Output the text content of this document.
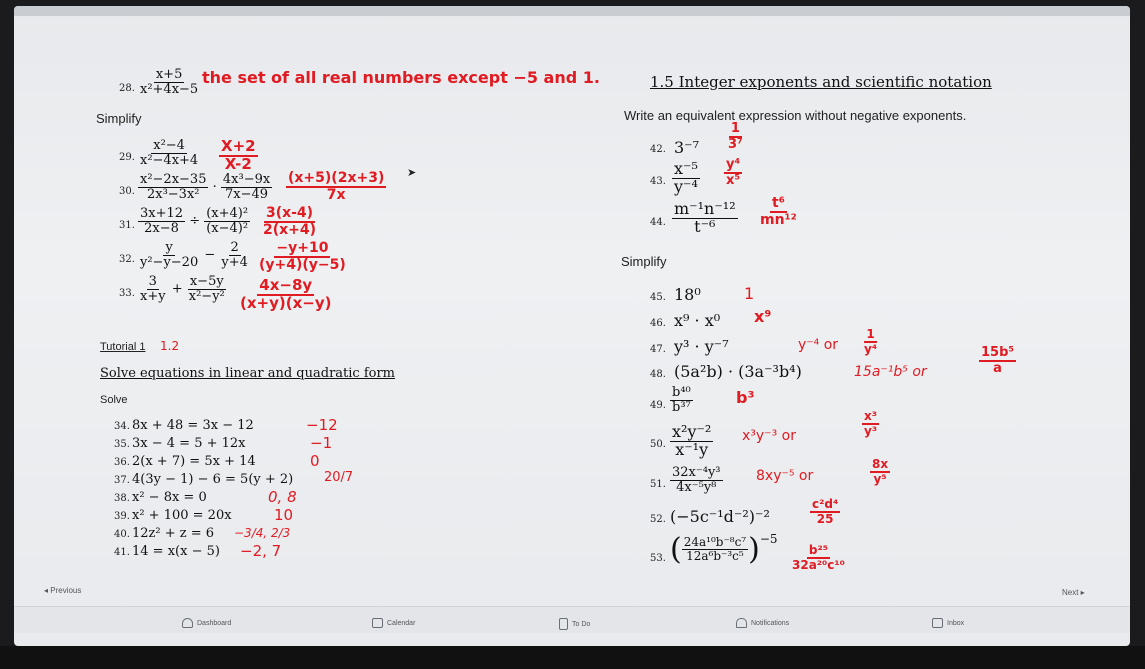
28. $\frac{x+5}{\text{x²+4x−5}}$ the set of all real numbers except −5 and 1.
Simplify
29. $\frac{\text{x²−4}}{\text{x²−4x+4}} \frac{X+2}{X-2}$
30. $\frac{\text{x²−2x−35}}{\text{2x³−3x²}} \cdot \frac{\text{4x³−9x}}{7x-49} \frac{(x+5)(2x+3)}{7x}$ ➤
31. $\frac{3x+12}{2x-8} \div \frac{\text{(x+4)²}}{\text{(x−4)²}} \frac{3(x-4)}{2(x+4)}$
32. $\frac{y}{\text{y²−y−20}} - \frac{2}{y+4} \frac{-y+10}{(y+4)(y-5)}$
33. $\frac{3}{x+y} + \frac{x-5y}{\text{x²−y²}} \frac{4x-8y}{(x+y)(x-y)}$
Tutorial 1 1.2
Solve equations in linear and quadratic form
Solve
34. 8x + 48 = 3x − 12	−12
35. 3x − 4 = 5 + 12x	−1
36. 2(x + 7) = 5x + 14	0
37. 4(3y − 1) − 6 = 5(y + 2) 20/7
38. x² − 8x = 0	0, 8
39. x² + 100 = 20x	10
40. 12z² + z = 6 −3/4, 2/3
41. 14 = x(x − 5) −2, 7
1.5 Integer exponents and scientific notation
Write an equivalent expression without negative exponents.
42. $3^{-7} \frac{1}{\text{3⁷}}$
43. $\frac{\text{x⁻⁵}}{\text{y⁻⁴}} \frac{\text{y⁴}}{\text{x⁵}}$
44. $\frac{\text{m⁻¹n⁻¹²}}{\text{t⁻⁶}} \frac{\text{t⁶}}{\text{mn¹²}}$
Simplify
45. 18⁰	1
46. x⁹ · x⁰ x⁹
47. y³ · y⁻⁷	y⁻⁴ or $\frac{1}{\text{y⁴}}$
48. (5a²b) · (3a⁻³b⁴)	15a⁻¹b⁵ or	$\frac{\text{15b⁵}}{a}$
49. $\frac{\text{b⁴⁰}}{\text{b³⁷}}$	b³
50. $\frac{\text{x²y⁻²}}{\text{x⁻¹y}} x^3y^{-3}$ or	$\frac{\text{x³}}{\text{y³}}$
51. $\frac{\text{32x⁻⁴y³}}{\text{4x⁻⁵y⁸}} 8xy^{-5}$ or	$\frac{8x}{\text{y⁵}}$
52. (−5c⁻¹d⁻²)⁻²	$\frac{\text{c²d⁴}}{25}$
53. ( $\frac{\text{24a¹⁰b⁻⁸c⁷}}{\text{12a⁶b⁻³c⁵}} )^{-5}$
$\frac{\text{b²⁵}}{\text{32a²⁰c¹⁰}}$
◂ Previous	Next ▸
Dashboard	Calendar	To Do	Notifications	Inbox
